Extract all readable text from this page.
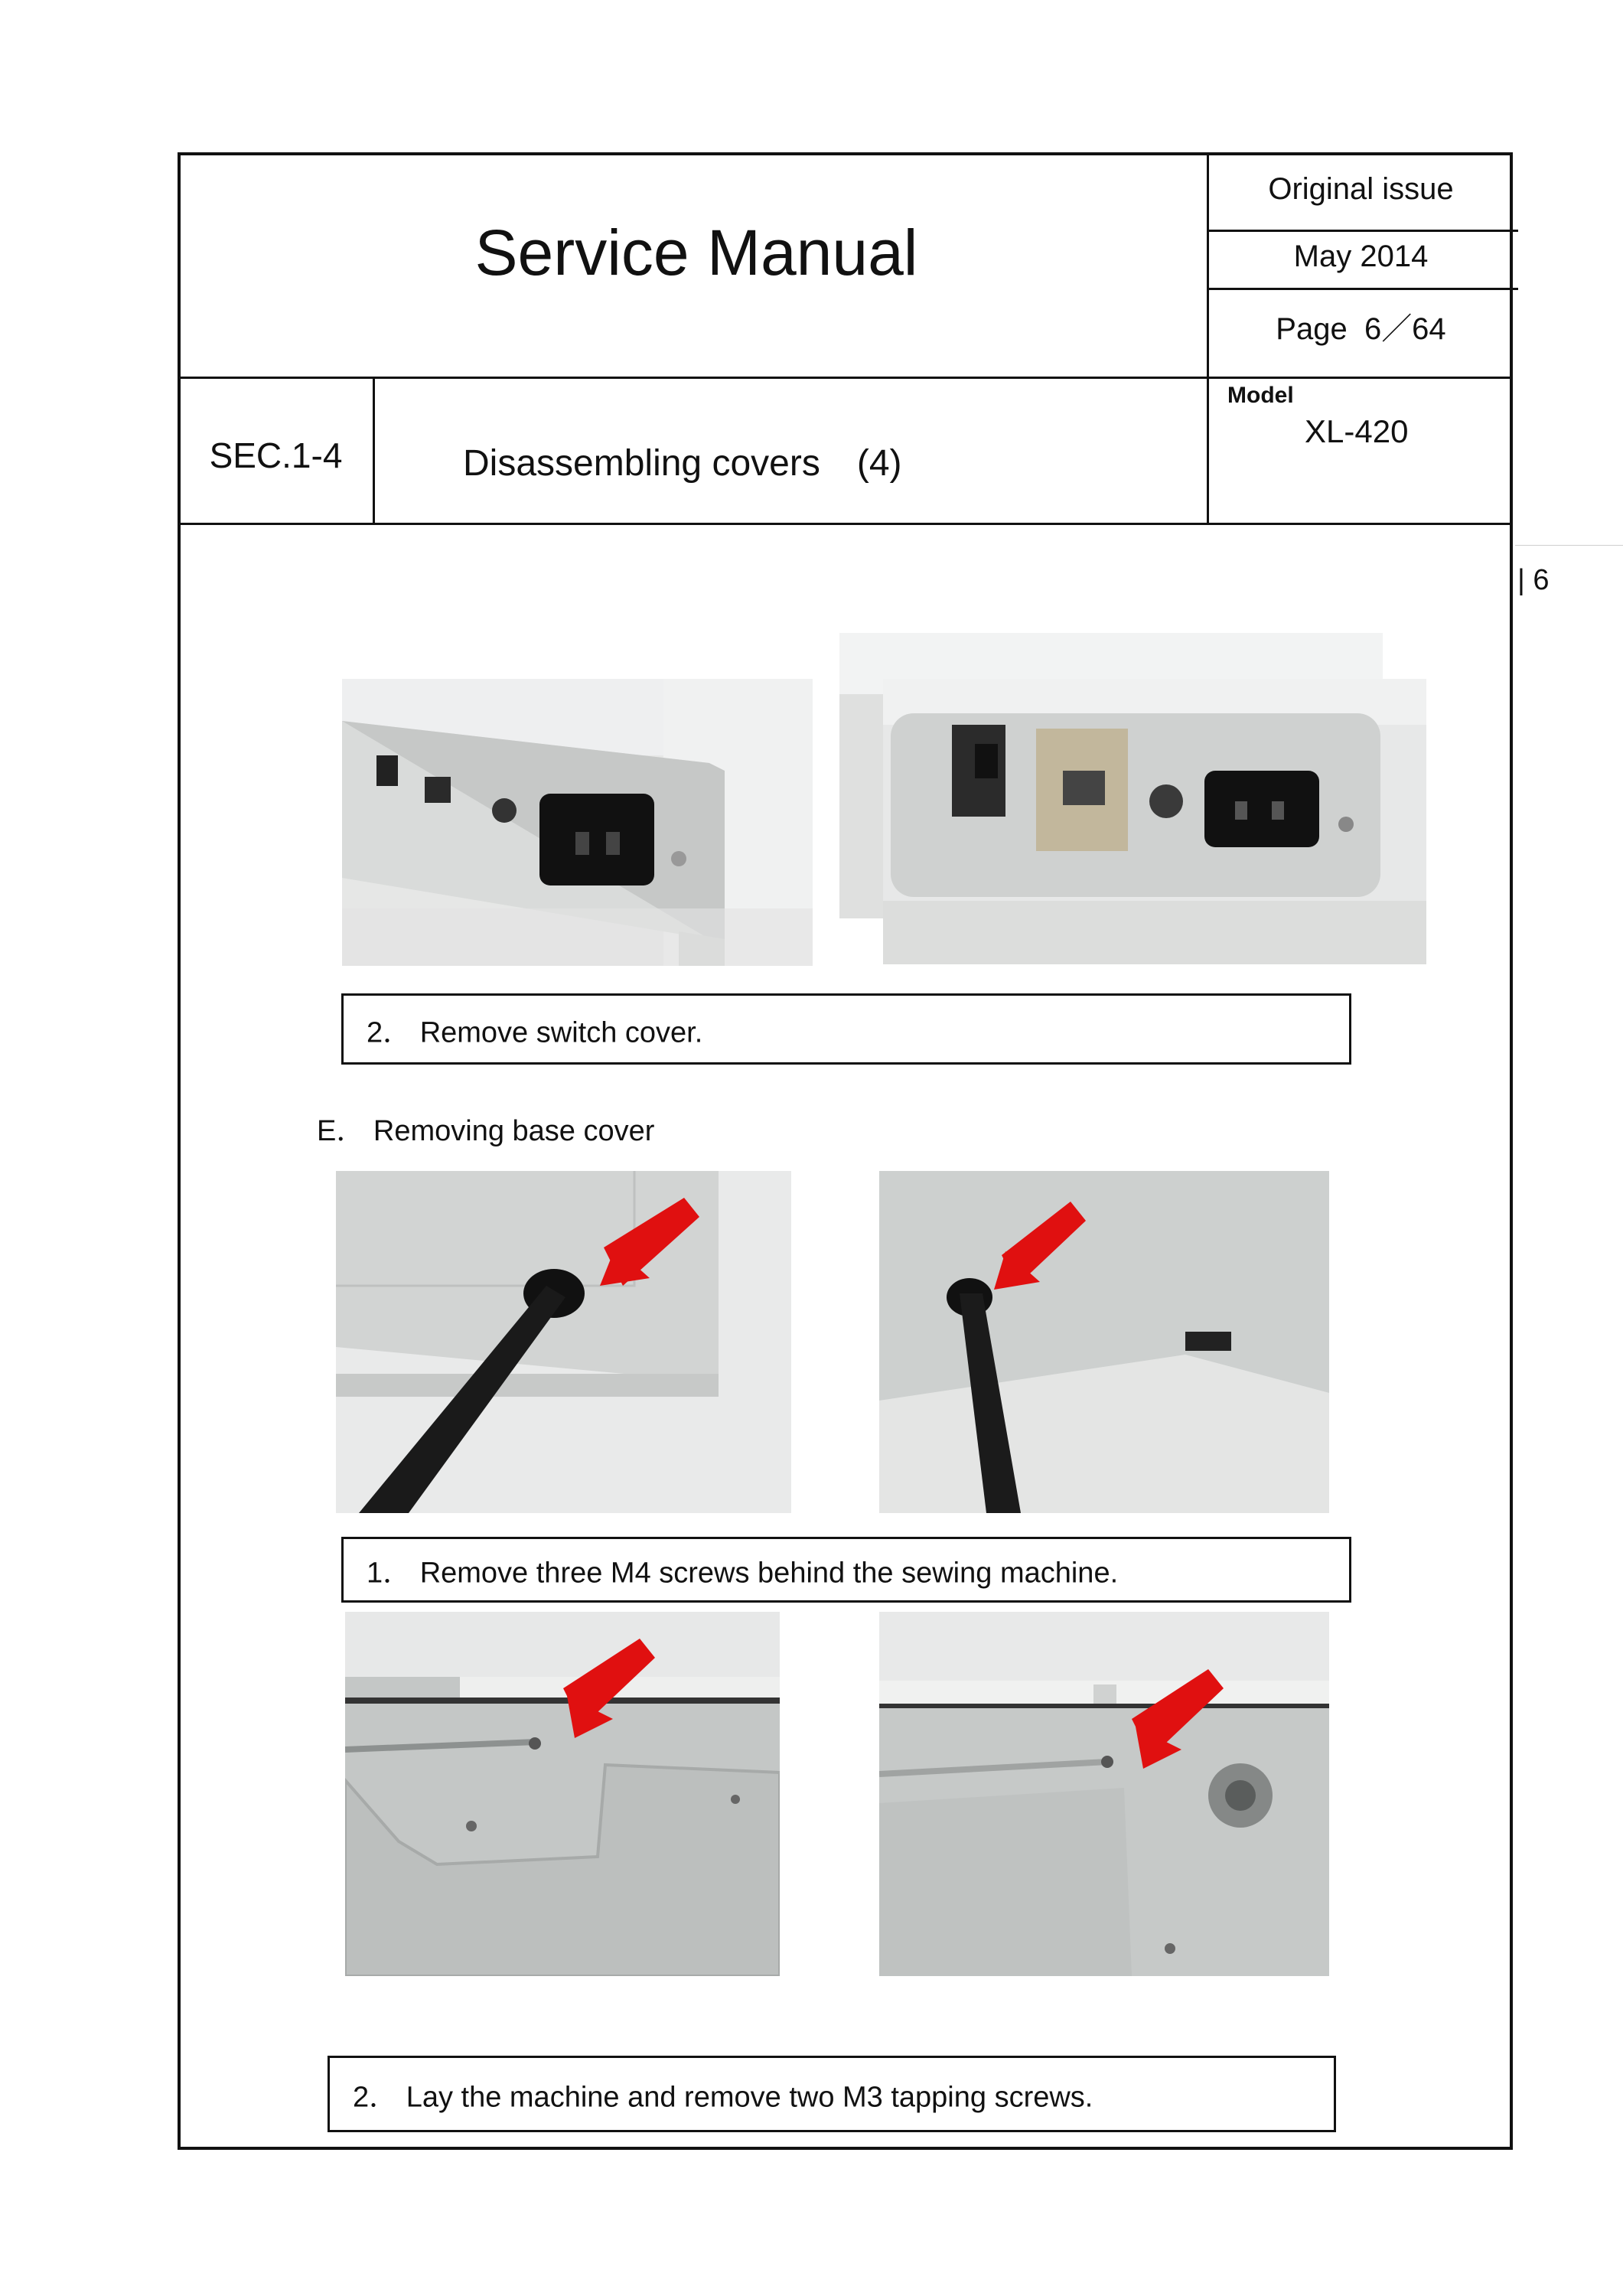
Service Manual
Original issue
May 2014
Page  6／64
SEC.1-4	Disassembling covers　(4)
Model
XL-420
| 6
2． Remove switch cover.
E． Removing base cover
1． Remove three M4 screws behind the sewing machine.
2． Lay the machine and remove two M3 tapping screws.
